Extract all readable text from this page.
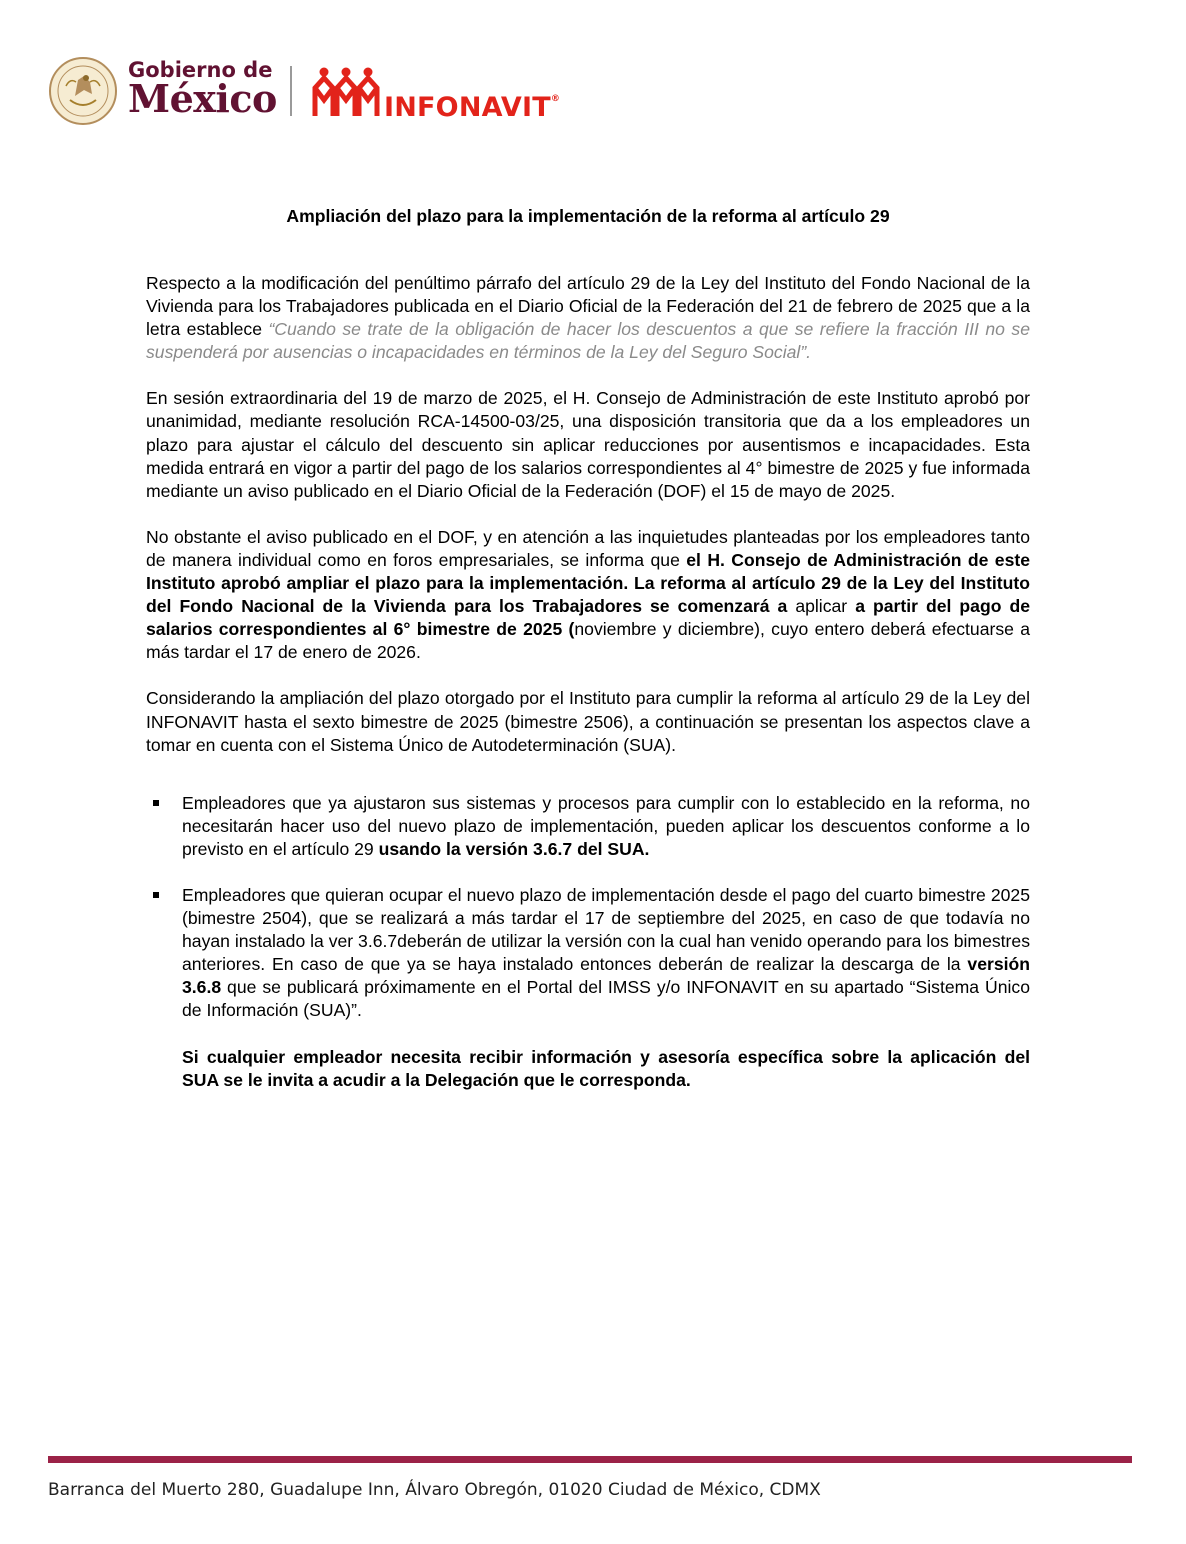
Gobierno de
México	INFONAVIT®
Ampliación del plazo para la implementación de la reforma al artículo 29

Respecto a la modificación del penúltimo párrafo del artículo 29 de la Ley del Instituto del Fondo Nacional de la Vivienda para los Trabajadores publicada en el Diario Oficial de la Federación del 21 de febrero de 2025 que a la letra establece “Cuando se trate de la obligación de hacer los descuentos a que se refiere la fracción III no se suspenderá por ausencias o incapacidades en términos de la Ley del Seguro Social”.

En sesión extraordinaria del 19 de marzo de 2025, el H. Consejo de Administración de este Instituto aprobó por unanimidad, mediante resolución RCA-14500-03/25, una disposición transitoria que da a los empleadores un plazo para ajustar el cálculo del descuento sin aplicar reducciones por ausentismos e incapacidades. Esta medida entrará en vigor a partir del pago de los salarios correspondientes al 4° bimestre de 2025 y fue informada mediante un aviso publicado en el Diario Oficial de la Federación (DOF) el 15 de mayo de 2025.

No obstante el aviso publicado en el DOF, y en atención a las inquietudes planteadas por los empleadores tanto de manera individual como en foros empresariales, se informa que el H. Consejo de Administración de este Instituto aprobó ampliar el plazo para la implementación. La reforma al artículo 29 de la Ley del Instituto del Fondo Nacional de la Vivienda para los Trabajadores se comenzará a aplicar a partir del pago de salarios correspondientes al 6° bimestre de 2025 (noviembre y diciembre), cuyo entero deberá efectuarse a más tardar el 17 de enero de 2026.

Considerando la ampliación del plazo otorgado por el Instituto para cumplir la reforma al artículo 29 de la Ley del INFONAVIT hasta el sexto bimestre de 2025 (bimestre 2506), a continuación se presentan los aspectos clave a tomar en cuenta con el Sistema Único de Autodeterminación (SUA).

Empleadores que ya ajustaron sus sistemas y procesos para cumplir con lo establecido en la reforma, no necesitarán hacer uso del nuevo plazo de implementación, pueden aplicar los descuentos conforme a lo previsto en el artículo 29 usando la versión 3.6.7 del SUA.
Empleadores que quieran ocupar el nuevo plazo de implementación desde el pago del cuarto bimestre 2025 (bimestre 2504), que se realizará a más tardar el 17 de septiembre del 2025, en caso de que todavía no hayan instalado la ver 3.6.7deberán de utilizar la versión con la cual han venido operando para los bimestres anteriores. En caso de que ya se haya instalado entonces deberán de realizar la descarga de la versión 3.6.8 que se publicará próximamente en el Portal del IMSS y/o INFONAVIT en su apartado “Sistema Único de Información (SUA)”.

Si cualquier empleador necesita recibir información y asesoría específica sobre la aplicación del SUA se le invita a acudir a la Delegación que le corresponda.

Barranca del Muerto 280, Guadalupe Inn, Álvaro Obregón, 01020 Ciudad de México, CDMX
